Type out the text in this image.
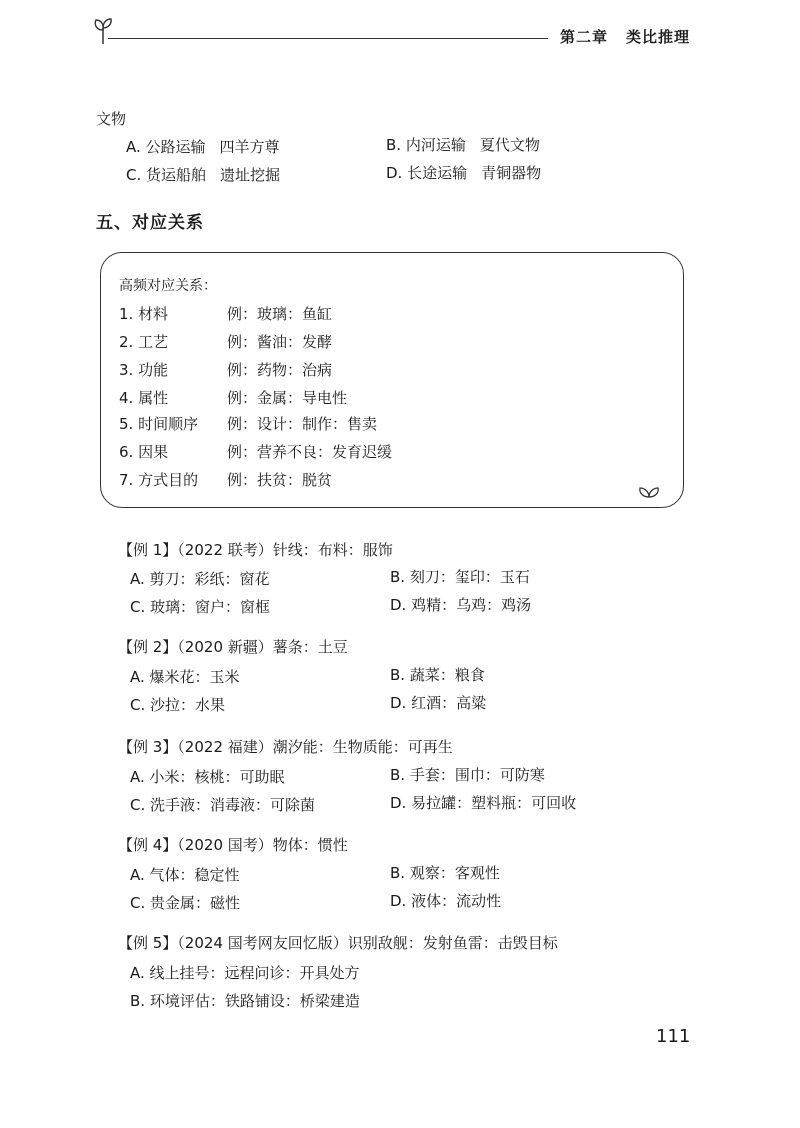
第二章 类比推理
文物
A. 公路运输 四羊方尊	B. 内河运输 夏代文物
C. 货运船舶 遗址挖掘	D. 长途运输 青铜器物
五、对应关系
高频对应关系：
1. 材料	例：玻璃：鱼缸
2. 工艺	例：酱油：发酵
3. 功能	例：药物：治病
4. 属性	例：金属：导电性
5. 时间顺序 例：设计：制作：售卖
6. 因果	例：营养不良：发育迟缓
7. 方式目的 例：扶贫：脱贫
【例 1】（2022 联考）针线：布料：服饰
A. 剪刀：彩纸：窗花	B. 刻刀：玺印：玉石
C. 玻璃：窗户：窗框	D. 鸡精：乌鸡：鸡汤
【例 2】（2020 新疆）薯条：土豆
A. 爆米花：玉米	B. 蔬菜：粮食
C. 沙拉：水果	D. 红酒：高粱
【例 3】（2022 福建）潮汐能：生物质能：可再生
A. 小米：核桃：可助眠	B. 手套：围巾：可防寒
C. 洗手液：消毒液：可除菌	D. 易拉罐：塑料瓶：可回收
【例 4】（2020 国考）物体：惯性
A. 气体：稳定性	B. 观察：客观性
C. 贵金属：磁性	D. 液体：流动性
【例 5】（2024 国考网友回忆版）识别敌舰：发射鱼雷：击毁目标
A. 线上挂号：远程问诊：开具处方
B. 环境评估：铁路铺设：桥梁建造
111
